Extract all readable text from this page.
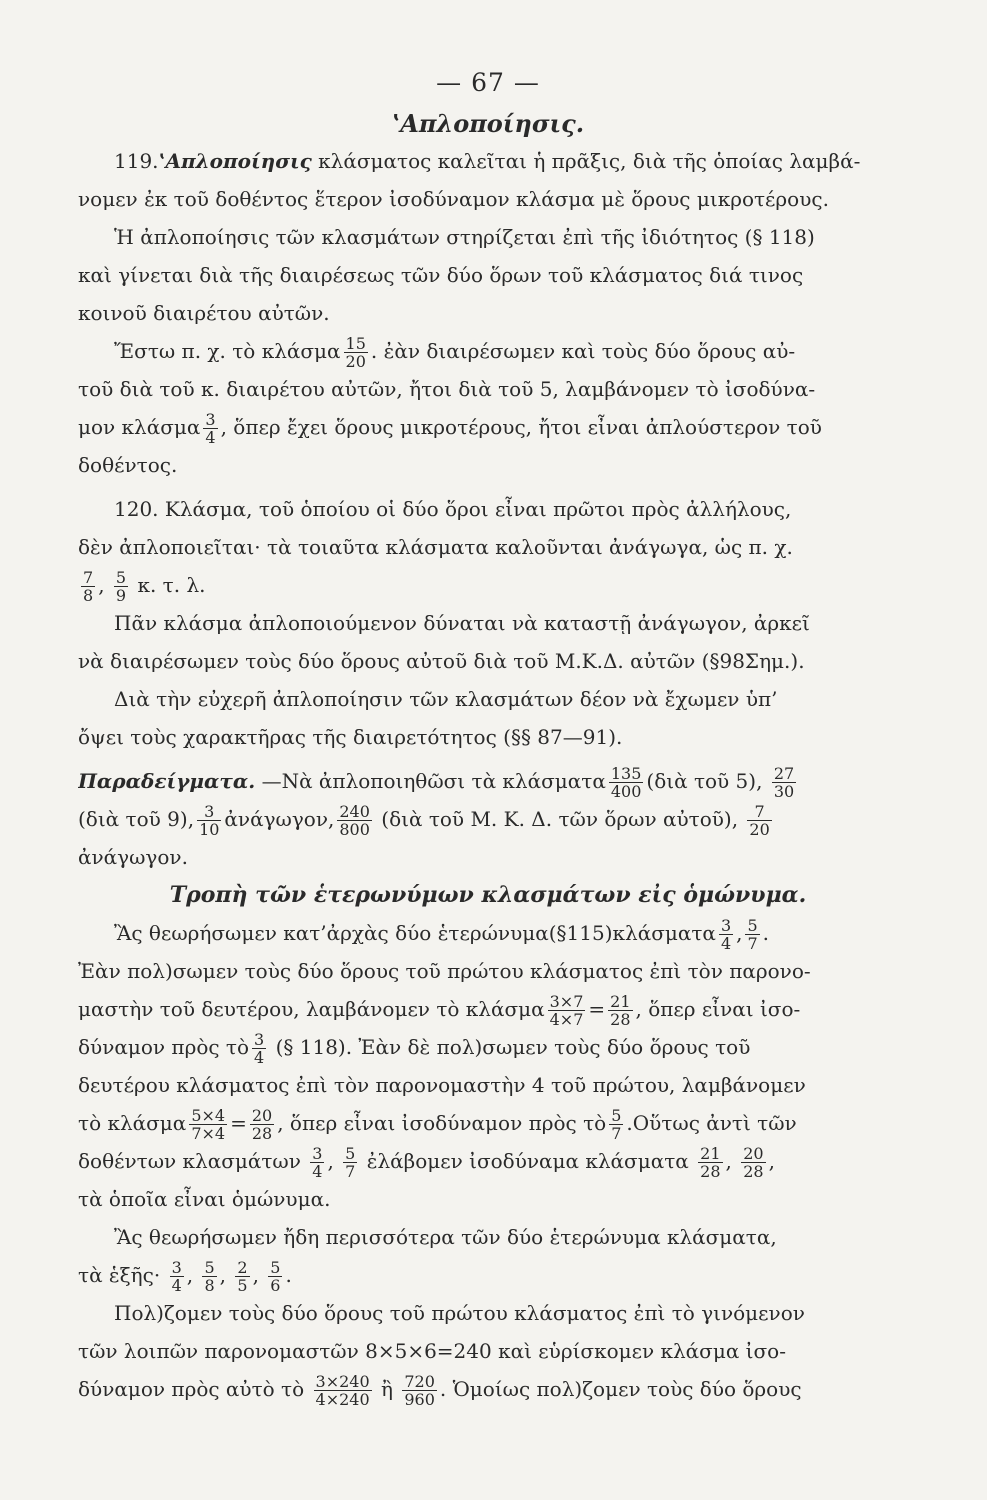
— 67 —
ʽΑπλοποίησις.

119.ʽΑπλοποίησις κλάσματος καλεῖται ἡ πρᾶξις, διὰ τῆς ὁποίας λαμβά-

νομεν ἐκ τοῦ δοθέντος ἕτερον ἰσοδύναμον κλάσμα μὲ ὅρους μικροτέρους.

Ἡ ἀπλοποίησις τῶν κλασμάτων στηρίζεται ἐπὶ τῆς ἰδιότητος (§ 118)

καὶ γίνεται διὰ τῆς διαιρέσεως τῶν δύο ὅρων τοῦ κλάσματος διά τινος

κοινοῦ διαιρέτου αὐτῶν.

Ἔστω π. χ. τὸ κλάσμα $\frac{15}{20}$ . ἐὰν διαιρέσωμεν καὶ τοὺς δύο ὅρους αὐ-

τοῦ διὰ τοῦ κ. διαιρέτου αὐτῶν, ἤτοι διὰ τοῦ 5, λαμβάνομεν τὸ ἰσοδύνα-

μον κλάσμα $\frac{3}{4}$ , ὅπερ ἔχει ὅρους μικροτέρους, ἤτοι εἶναι ἀπλούστερον τοῦ

δοθέντος.

120. Κλάσμα, τοῦ ὁποίου οἱ δύο ὅροι εἶναι πρῶτοι πρὸς ἀλλήλους,

δὲν ἀπλοποιεῖται· τὰ τοιαῦτα κλάσματα καλοῦνται ἀνάγωγα, ὡς π. χ.

$\frac{7}{8}$ , $\frac{5}{9} \kappa$. τ. λ.

Πᾶν κλάσμα ἀπλοποιούμενον δύναται νὰ καταστῇ ἀνάγωγον, ἀρκεῖ

νὰ διαιρέσωμεν τοὺς δύο ὅρους αὐτοῦ διὰ τοῦ Μ.Κ.Δ. αὐτῶν (§98Σημ.).

Διὰ τὴν εὐχερῆ ἀπλοποίησιν τῶν κλασμάτων δέον νὰ ἔχωμεν ὑπ’

ὄψει τοὺς χαρακτῆρας τῆς διαιρετότητος (§§ 87—91).

Παραδείγματα. —Νὰ ἀπλοποιηθῶσι τὰ κλάσματα $\frac{135}{400}$ (διὰ τοῦ 5), $\frac{27}{30}$

(διὰ τοῦ 9), $\frac{3}{10}$ ἀνάγωγον, $\frac{240}{800}$ (διὰ τοῦ Μ. Κ. Δ. τῶν ὅρων αὐτοῦ), $\frac{7}{20}$

ἀνάγωγον.

Τροπὴ τῶν ἑτερωνύμων κλασμάτων εἰς ὁμώνυμα.

Ἂς θεωρήσωμεν κατ’ἀρχὰς δύο ἑτερώνυμα(§115)κλάσματα $\frac{3}{4}$ , $\frac{5}{7}$ .

Ἐὰν πολ)σωμεν τοὺς δύο ὅρους τοῦ πρώτου κλάσματος ἐπὶ τὸν παρονο-

μαστὴν τοῦ δευτέρου, λαμβάνομεν τὸ κλάσμα $\frac{3\times 7}{4\times 7} = \frac{21}{28}$ , ὅπερ εἶναι ἰσο-

δύναμον πρὸς τὸ $\frac{3}{4}$ (§ 118). Ἐὰν δὲ πολ)σωμεν τοὺς δύο ὅρους τοῦ

δευτέρου κλάσματος ἐπὶ τὸν παρονομαστὴν 4 τοῦ πρώτου, λαμβάνομεν

τὸ κλάσμα $\frac{5\times 4}{7\times 4} = \frac{20}{28}$ , ὅπερ εἶναι ἰσοδύναμον πρὸς τὸ $\frac{5}{7}$ .Οὕτως ἀντὶ τῶν

δοθέντων κλασμάτων $\frac{3}{4}$ , $\frac{5}{7}$ ἐλάβομεν ἰσοδύναμα κλάσματα $\frac{21}{28}$ , $\frac{20}{28}$ ,

τὰ ὁποῖα εἶναι ὁμώνυμα.

Ἂς θεωρήσωμεν ἤδη περισσότερα τῶν δύο ἑτερώνυμα κλάσματα,

τὰ ἑξῆς· $\frac{3}{4}$ , $\frac{5}{8}$ , $\frac{2}{5}$ , $\frac{5}{6}$ .

Πολ)ζομεν τοὺς δύο ὅρους τοῦ πρώτου κλάσματος ἐπὶ τὸ γινόμενον

τῶν λοιπῶν παρονομαστῶν 8×5×6=240 καὶ εὑρίσκομεν κλάσμα ἰσο-

δύναμον πρὸς αὐτὸ τὸ $\frac{3\times 240}{4\times 240}$ ἢ $\frac{720}{960}$ . Ὁμοίως πολ)ζομεν τοὺς δύο ὅρους
